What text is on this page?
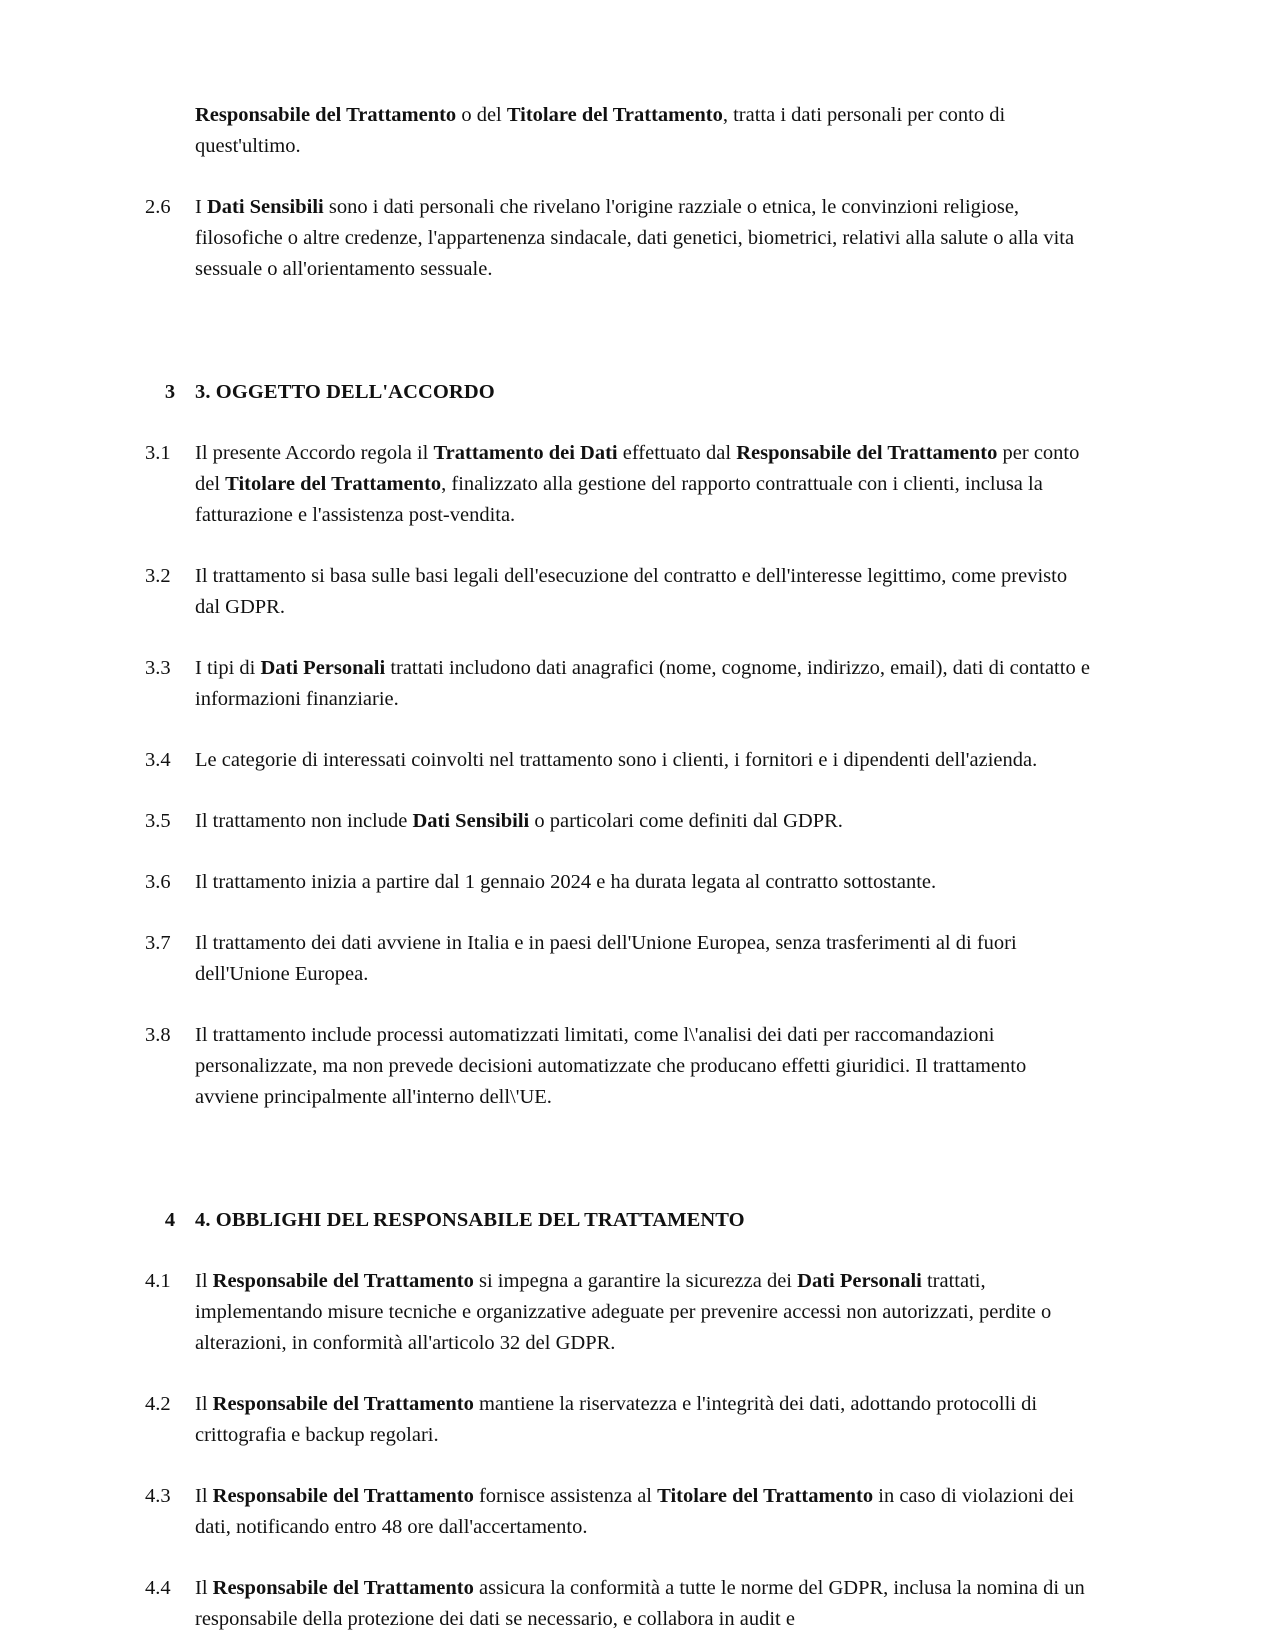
Responsabile del Trattamento o del Titolare del Trattamento, tratta i dati personali per conto di quest'ultimo.
2.6	I Dati Sensibili sono i dati personali che rivelano l'origine razziale o etnica, le convinzioni religiose, filosofiche o altre credenze, l'appartenenza sindacale, dati genetici, biometrici, relativi alla salute o alla vita sessuale o all'orientamento sessuale.
3 3. OGGETTO DELL'ACCORDO
3.1	Il presente Accordo regola il Trattamento dei Dati effettuato dal Responsabile del Trattamento per conto del Titolare del Trattamento, finalizzato alla gestione del rapporto contrattuale con i clienti, inclusa la fatturazione e l'assistenza post-vendita.
3.2	Il trattamento si basa sulle basi legali dell'esecuzione del contratto e dell'interesse legittimo, come previsto dal GDPR.
3.3	I tipi di Dati Personali trattati includono dati anagrafici (nome, cognome, indirizzo, email), dati di contatto e informazioni finanziarie.
3.4	Le categorie di interessati coinvolti nel trattamento sono i clienti, i fornitori e i dipendenti dell'azienda.
3.5	Il trattamento non include Dati Sensibili o particolari come definiti dal GDPR.
3.6	Il trattamento inizia a partire dal 1 gennaio 2024 e ha durata legata al contratto sottostante.
3.7	Il trattamento dei dati avviene in Italia e in paesi dell'Unione Europea, senza trasferimenti al di fuori dell'Unione Europea.
3.8	Il trattamento include processi automatizzati limitati, come l\'analisi dei dati per raccomandazioni personalizzate, ma non prevede decisioni automatizzate che producano effetti giuridici. Il trattamento avviene principalmente all'interno dell\'UE.
4 4. OBBLIGHI DEL RESPONSABILE DEL TRATTAMENTO
4.1	Il Responsabile del Trattamento si impegna a garantire la sicurezza dei Dati Personali trattati, implementando misure tecniche e organizzative adeguate per prevenire accessi non autorizzati, perdite o alterazioni, in conformità all'articolo 32 del GDPR.
4.2	Il Responsabile del Trattamento mantiene la riservatezza e l'integrità dei dati, adottando protocolli di crittografia e backup regolari.
4.3	Il Responsabile del Trattamento fornisce assistenza al Titolare del Trattamento in caso di violazioni dei dati, notificando entro 48 ore dall'accertamento.
4.4	Il Responsabile del Trattamento assicura la conformità a tutte le norme del GDPR, inclusa la nomina di un responsabile della protezione dei dati se necessario, e collabora in audit e
